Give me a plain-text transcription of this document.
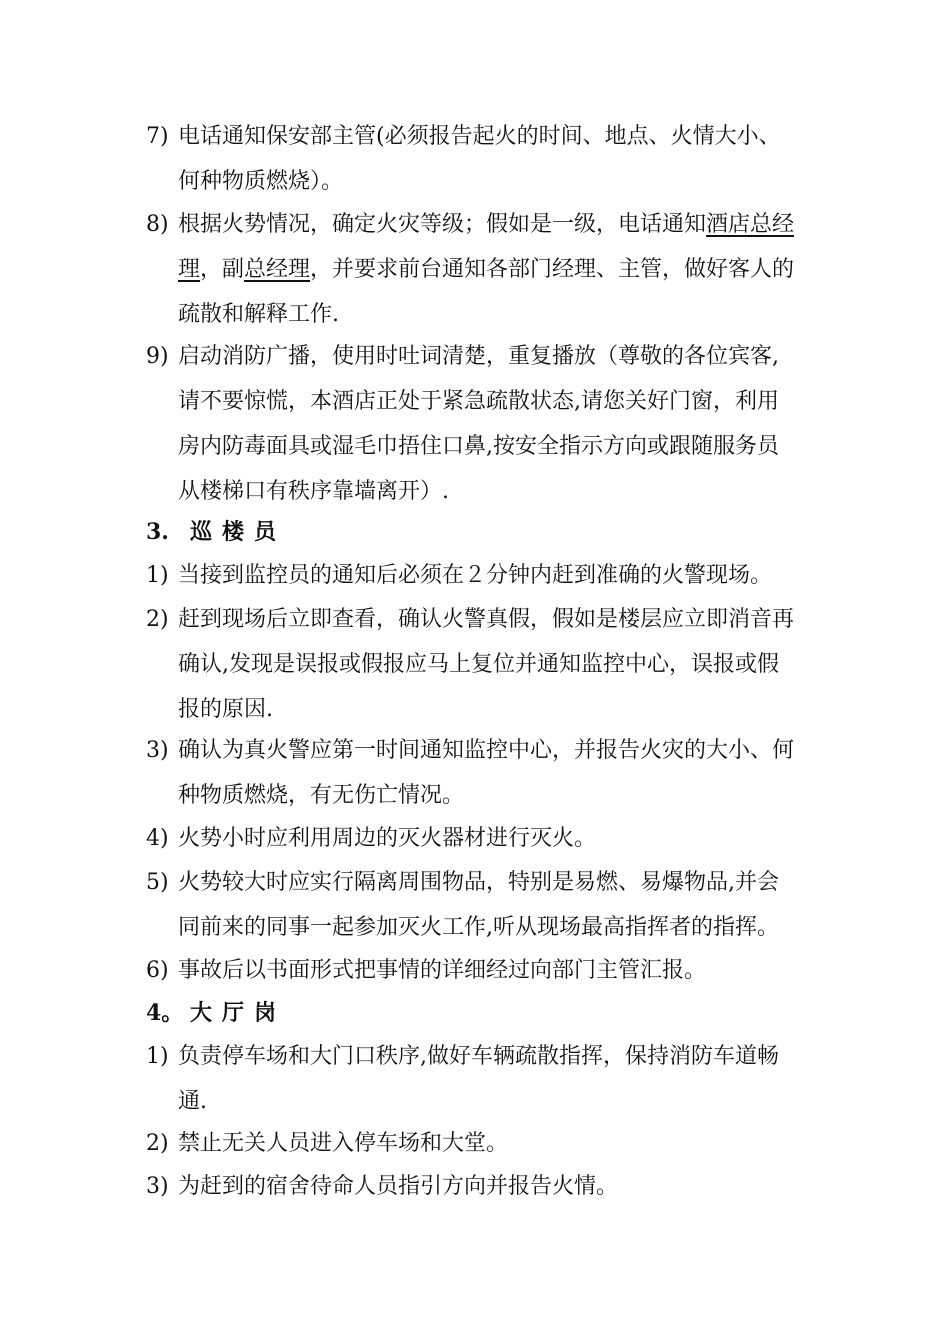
7) 电话通知保安部主管(必须报告起火的时间、地点、火情大小、
何种物质燃烧）。
8) 根据火势情况，确定火灾等级；假如是一级，电话通知酒店总经
理，副总经理，并要求前台通知各部门经理、主管，做好客人的
疏散和解释工作.
9) 启动消防广播，使用时吐词清楚，重复播放（尊敬的各位宾客,
请不要惊慌，本酒店正处于紧急疏散状态,请您关好门窗，利用
房内防毒面具或湿毛巾捂住口鼻,按安全指示方向或跟随服务员
从楼梯口有秩序靠墙离开）.
3. 巡楼员
1) 当接到监控员的通知后必须在２分钟内赶到准确的火警现场。
2) 赶到现场后立即查看，确认火警真假，假如是楼层应立即消音再
确认,发现是误报或假报应马上复位并通知监控中心，误报或假
报的原因.
3) 确认为真火警应第一时间通知监控中心，并报告火灾的大小、何
种物质燃烧，有无伤亡情况。
4) 火势小时应利用周边的灭火器材进行灭火。
5) 火势较大时应实行隔离周围物品，特别是易燃、易爆物品,并会
同前来的同事一起参加灭火工作,听从现场最高指挥者的指挥。
6) 事故后以书面形式把事情的详细经过向部门主管汇报。
4。 大厅岗
1) 负责停车场和大门口秩序,做好车辆疏散指挥，保持消防车道畅
通.
2) 禁止无关人员进入停车场和大堂。
3) 为赶到的宿舍待命人员指引方向并报告火情。
